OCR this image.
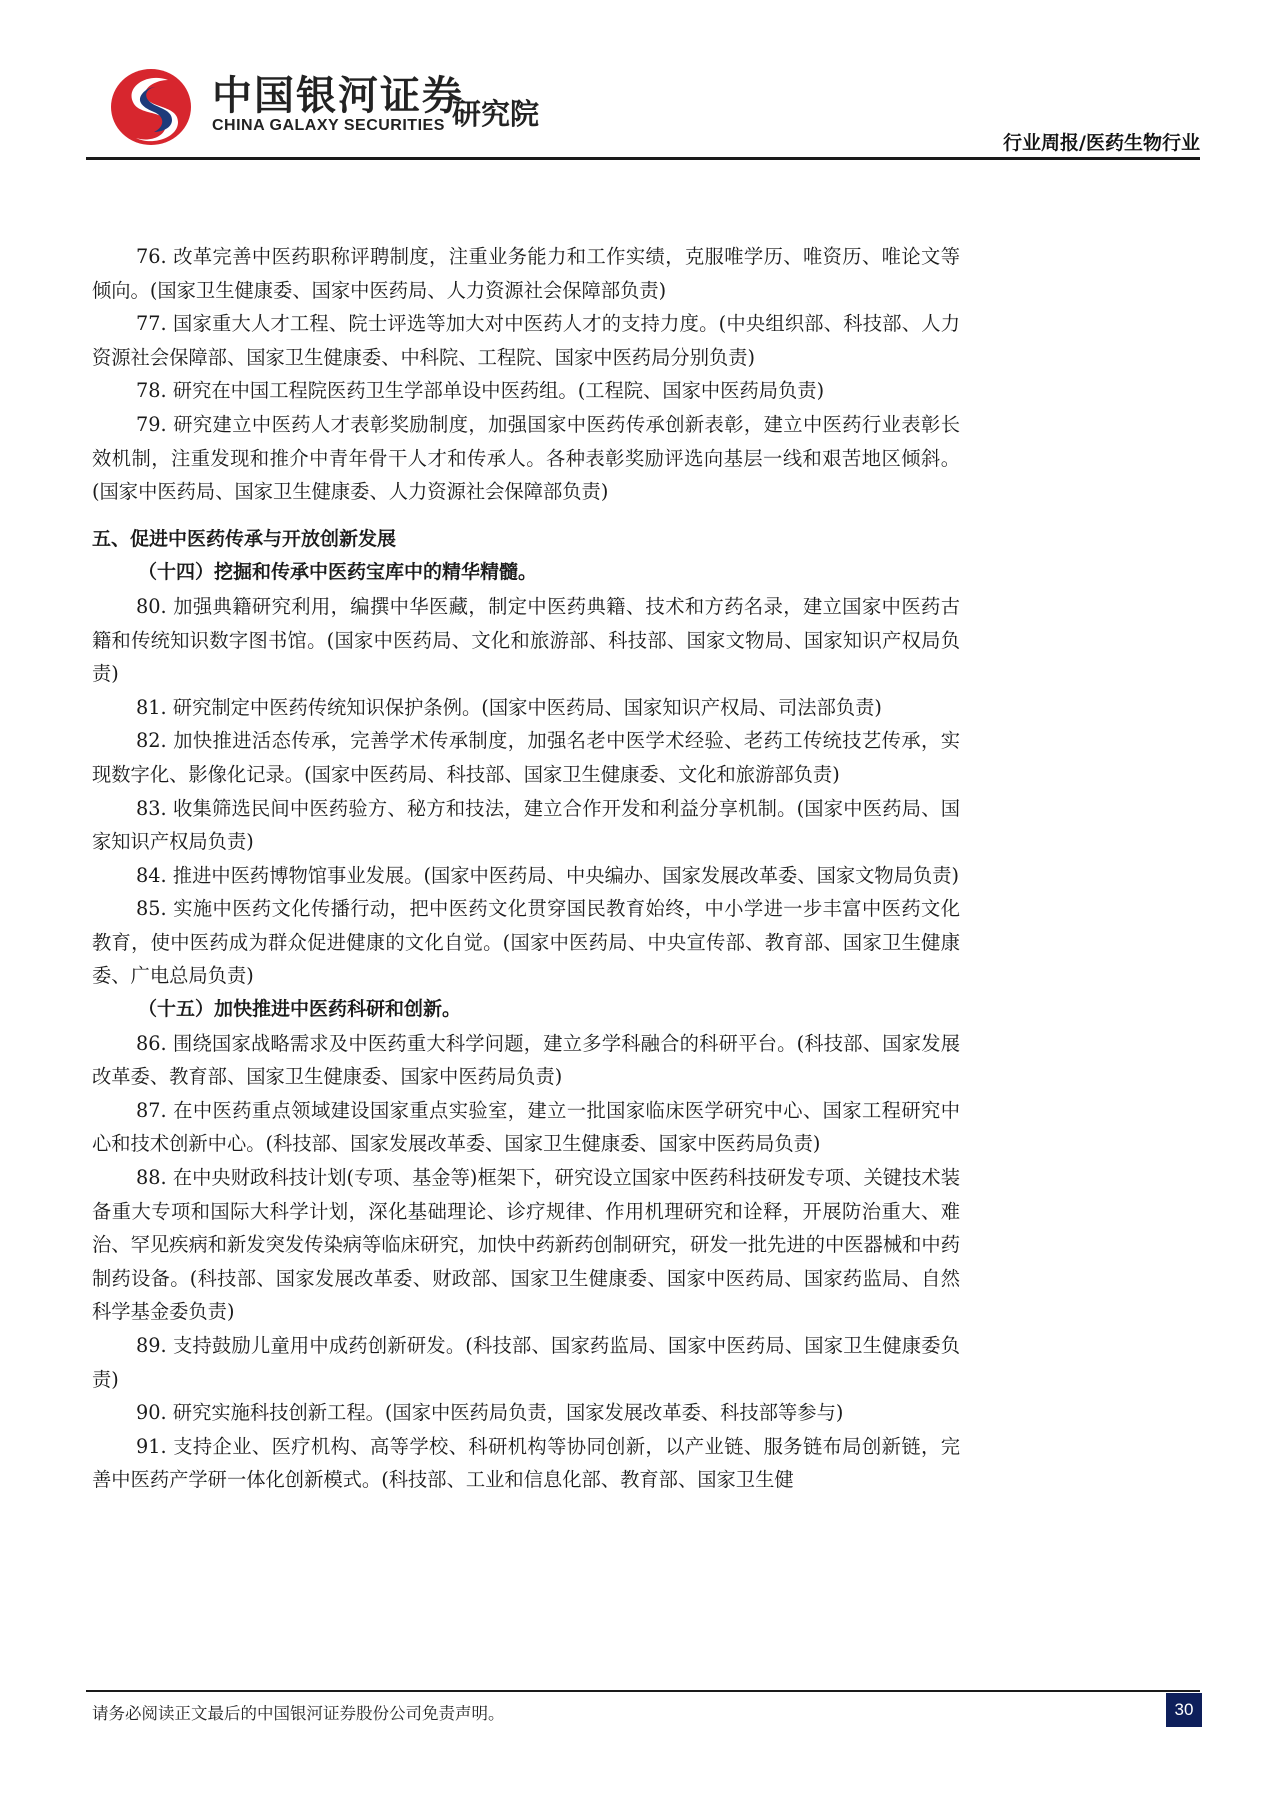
中国银河证券
CHINA GALAXY SECURITIES 研究院
行业周报/医药生物行业

76. 改革完善中医药职称评聘制度，注重业务能力和工作实绩，克服唯学历、唯资历、唯论文等倾向。(国家卫生健康委、国家中医药局、人力资源社会保障部负责)

77. 国家重大人才工程、院士评选等加大对中医药人才的支持力度。(中央组织部、科技部、人力资源社会保障部、国家卫生健康委、中科院、工程院、国家中医药局分别负责)

78. 研究在中国工程院医药卫生学部单设中医药组。(工程院、国家中医药局负责)

79. 研究建立中医药人才表彰奖励制度，加强国家中医药传承创新表彰，建立中医药行业表彰长效机制，注重发现和推介中青年骨干人才和传承人。各种表彰奖励评选向基层一线和艰苦地区倾斜。(国家中医药局、国家卫生健康委、人力资源社会保障部负责)

五、促进中医药传承与开放创新发展

（十四）挖掘和传承中医药宝库中的精华精髓。

80. 加强典籍研究利用，编撰中华医藏，制定中医药典籍、技术和方药名录，建立国家中医药古籍和传统知识数字图书馆。(国家中医药局、文化和旅游部、科技部、国家文物局、国家知识产权局负责)

81. 研究制定中医药传统知识保护条例。(国家中医药局、国家知识产权局、司法部负责)

82. 加快推进活态传承，完善学术传承制度，加强名老中医学术经验、老药工传统技艺传承，实现数字化、影像化记录。(国家中医药局、科技部、国家卫生健康委、文化和旅游部负责)

83. 收集筛选民间中医药验方、秘方和技法，建立合作开发和利益分享机制。(国家中医药局、国家知识产权局负责)

84. 推进中医药博物馆事业发展。(国家中医药局、中央编办、国家发展改革委、国家文物局负责)

85. 实施中医药文化传播行动，把中医药文化贯穿国民教育始终，中小学进一步丰富中医药文化教育，使中医药成为群众促进健康的文化自觉。(国家中医药局、中央宣传部、教育部、国家卫生健康委、广电总局负责)

（十五）加快推进中医药科研和创新。

86. 围绕国家战略需求及中医药重大科学问题，建立多学科融合的科研平台。(科技部、国家发展改革委、教育部、国家卫生健康委、国家中医药局负责)

87. 在中医药重点领域建设国家重点实验室，建立一批国家临床医学研究中心、国家工程研究中心和技术创新中心。(科技部、国家发展改革委、国家卫生健康委、国家中医药局负责)

88. 在中央财政科技计划(专项、基金等)框架下，研究设立国家中医药科技研发专项、关键技术装备重大专项和国际大科学计划，深化基础理论、诊疗规律、作用机理研究和诠释，开展防治重大、难治、罕见疾病和新发突发传染病等临床研究，加快中药新药创制研究，研发一批先进的中医器械和中药制药设备。(科技部、国家发展改革委、财政部、国家卫生健康委、国家中医药局、国家药监局、自然科学基金委负责)

89. 支持鼓励儿童用中成药创新研发。(科技部、国家药监局、国家中医药局、国家卫生健康委负责)

90. 研究实施科技创新工程。(国家中医药局负责，国家发展改革委、科技部等参与)

91. 支持企业、医疗机构、高等学校、科研机构等协同创新，以产业链、服务链布局创新链，完善中医药产学研一体化创新模式。(科技部、工业和信息化部、教育部、国家卫生健

请务必阅读正文最后的中国银河证券股份公司免责声明。	30
